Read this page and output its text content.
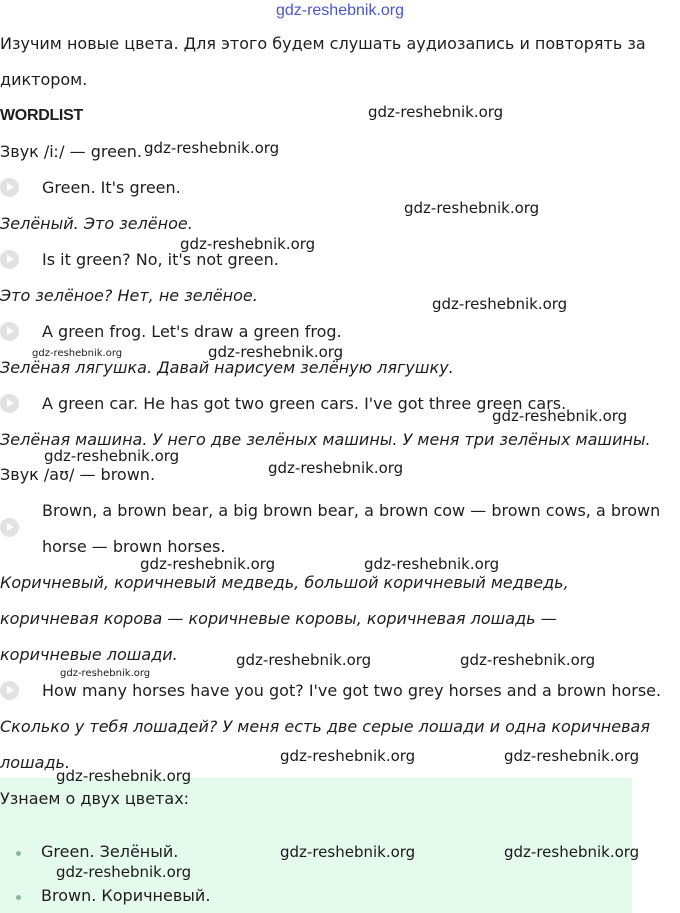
gdz-reshebnik.org
Изучим новые цвета. Для этого будем слушать аудиозапись и повторять за
диктором.
WORDLIST
Звук /iː/ — green.
Green. It's green.
Зелёный. Это зелёное.
Is it green? No, it's not green.
Это зелёное? Нет, не зелёное.
A green frog. Let's draw a green frog.
Зелёная лягушка. Давай нарисуем зелёную лягушку.
A green car. He has got two green cars. I've got three green cars.
Зелёная машина. У него две зелёных машины. У меня три зелёных машины.
Звук /aʊ/ — brown.
Brown, a brown bear, a big brown bear, a brown cow — brown cows, a brown
horse — brown horses.
Коричневый, коричневый медведь, большой коричневый медведь,
коричневая корова — коричневые коровы, коричневая лошадь —
коричневые лошади.
How many horses have you got? I've got two grey horses and a brown horse.
Сколько у тебя лошадей? У меня есть две серые лошади и одна коричневая
лошадь.
Узнаем о двух цветах:
Green. Зелёный.
Brown. Коричневый.
gdz-reshebnik.org
gdz-reshebnik.org
gdz-reshebnik.org
gdz-reshebnik.org
gdz-reshebnik.org
gdz-reshebnik.org	gdz-reshebnik.org
gdz-reshebnik.org
gdz-reshebnik.org
gdz-reshebnik.org
gdz-reshebnik.org	gdz-reshebnik.org
gdz-reshebnik.org	gdz-reshebnik.org
gdz-reshebnik.org
gdz-reshebnik.org	gdz-reshebnik.org
gdz-reshebnik.org
gdz-reshebnik.org	gdz-reshebnik.org
gdz-reshebnik.org
